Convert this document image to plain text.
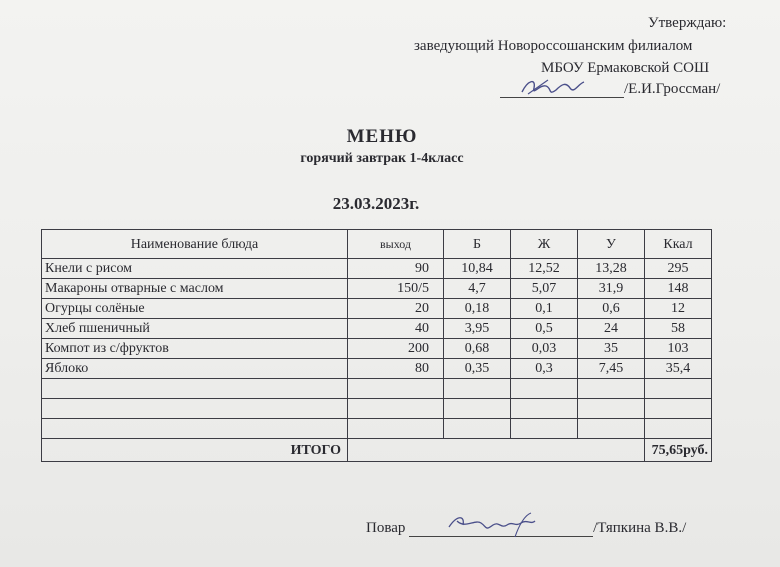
Утверждаю:
заведующий Новороссошанским филиалом
МБОУ Ермаковской СОШ
/Е.И.Гроссман/
МЕНЮ
горячий завтрак 1-4класс
23.03.2023г.
Наименование блюда	выход	Б	Ж	У	Ккал
Кнели с рисом	90	10,84	12,52	13,28	295
Макароны отварные с маслом	150/5	4,7	5,07	31,9	148
Огурцы солёные	20	0,18	0,1	0,6	12
Хлеб пшеничный	40	3,95	0,5	24	58
Компот из с/фруктов	200	0,68	0,03	35	103
Яблоко	80	0,35	0,3	7,45	35,4

ИТОГО					75,65руб.
Повар	/Тяпкина В.В./
